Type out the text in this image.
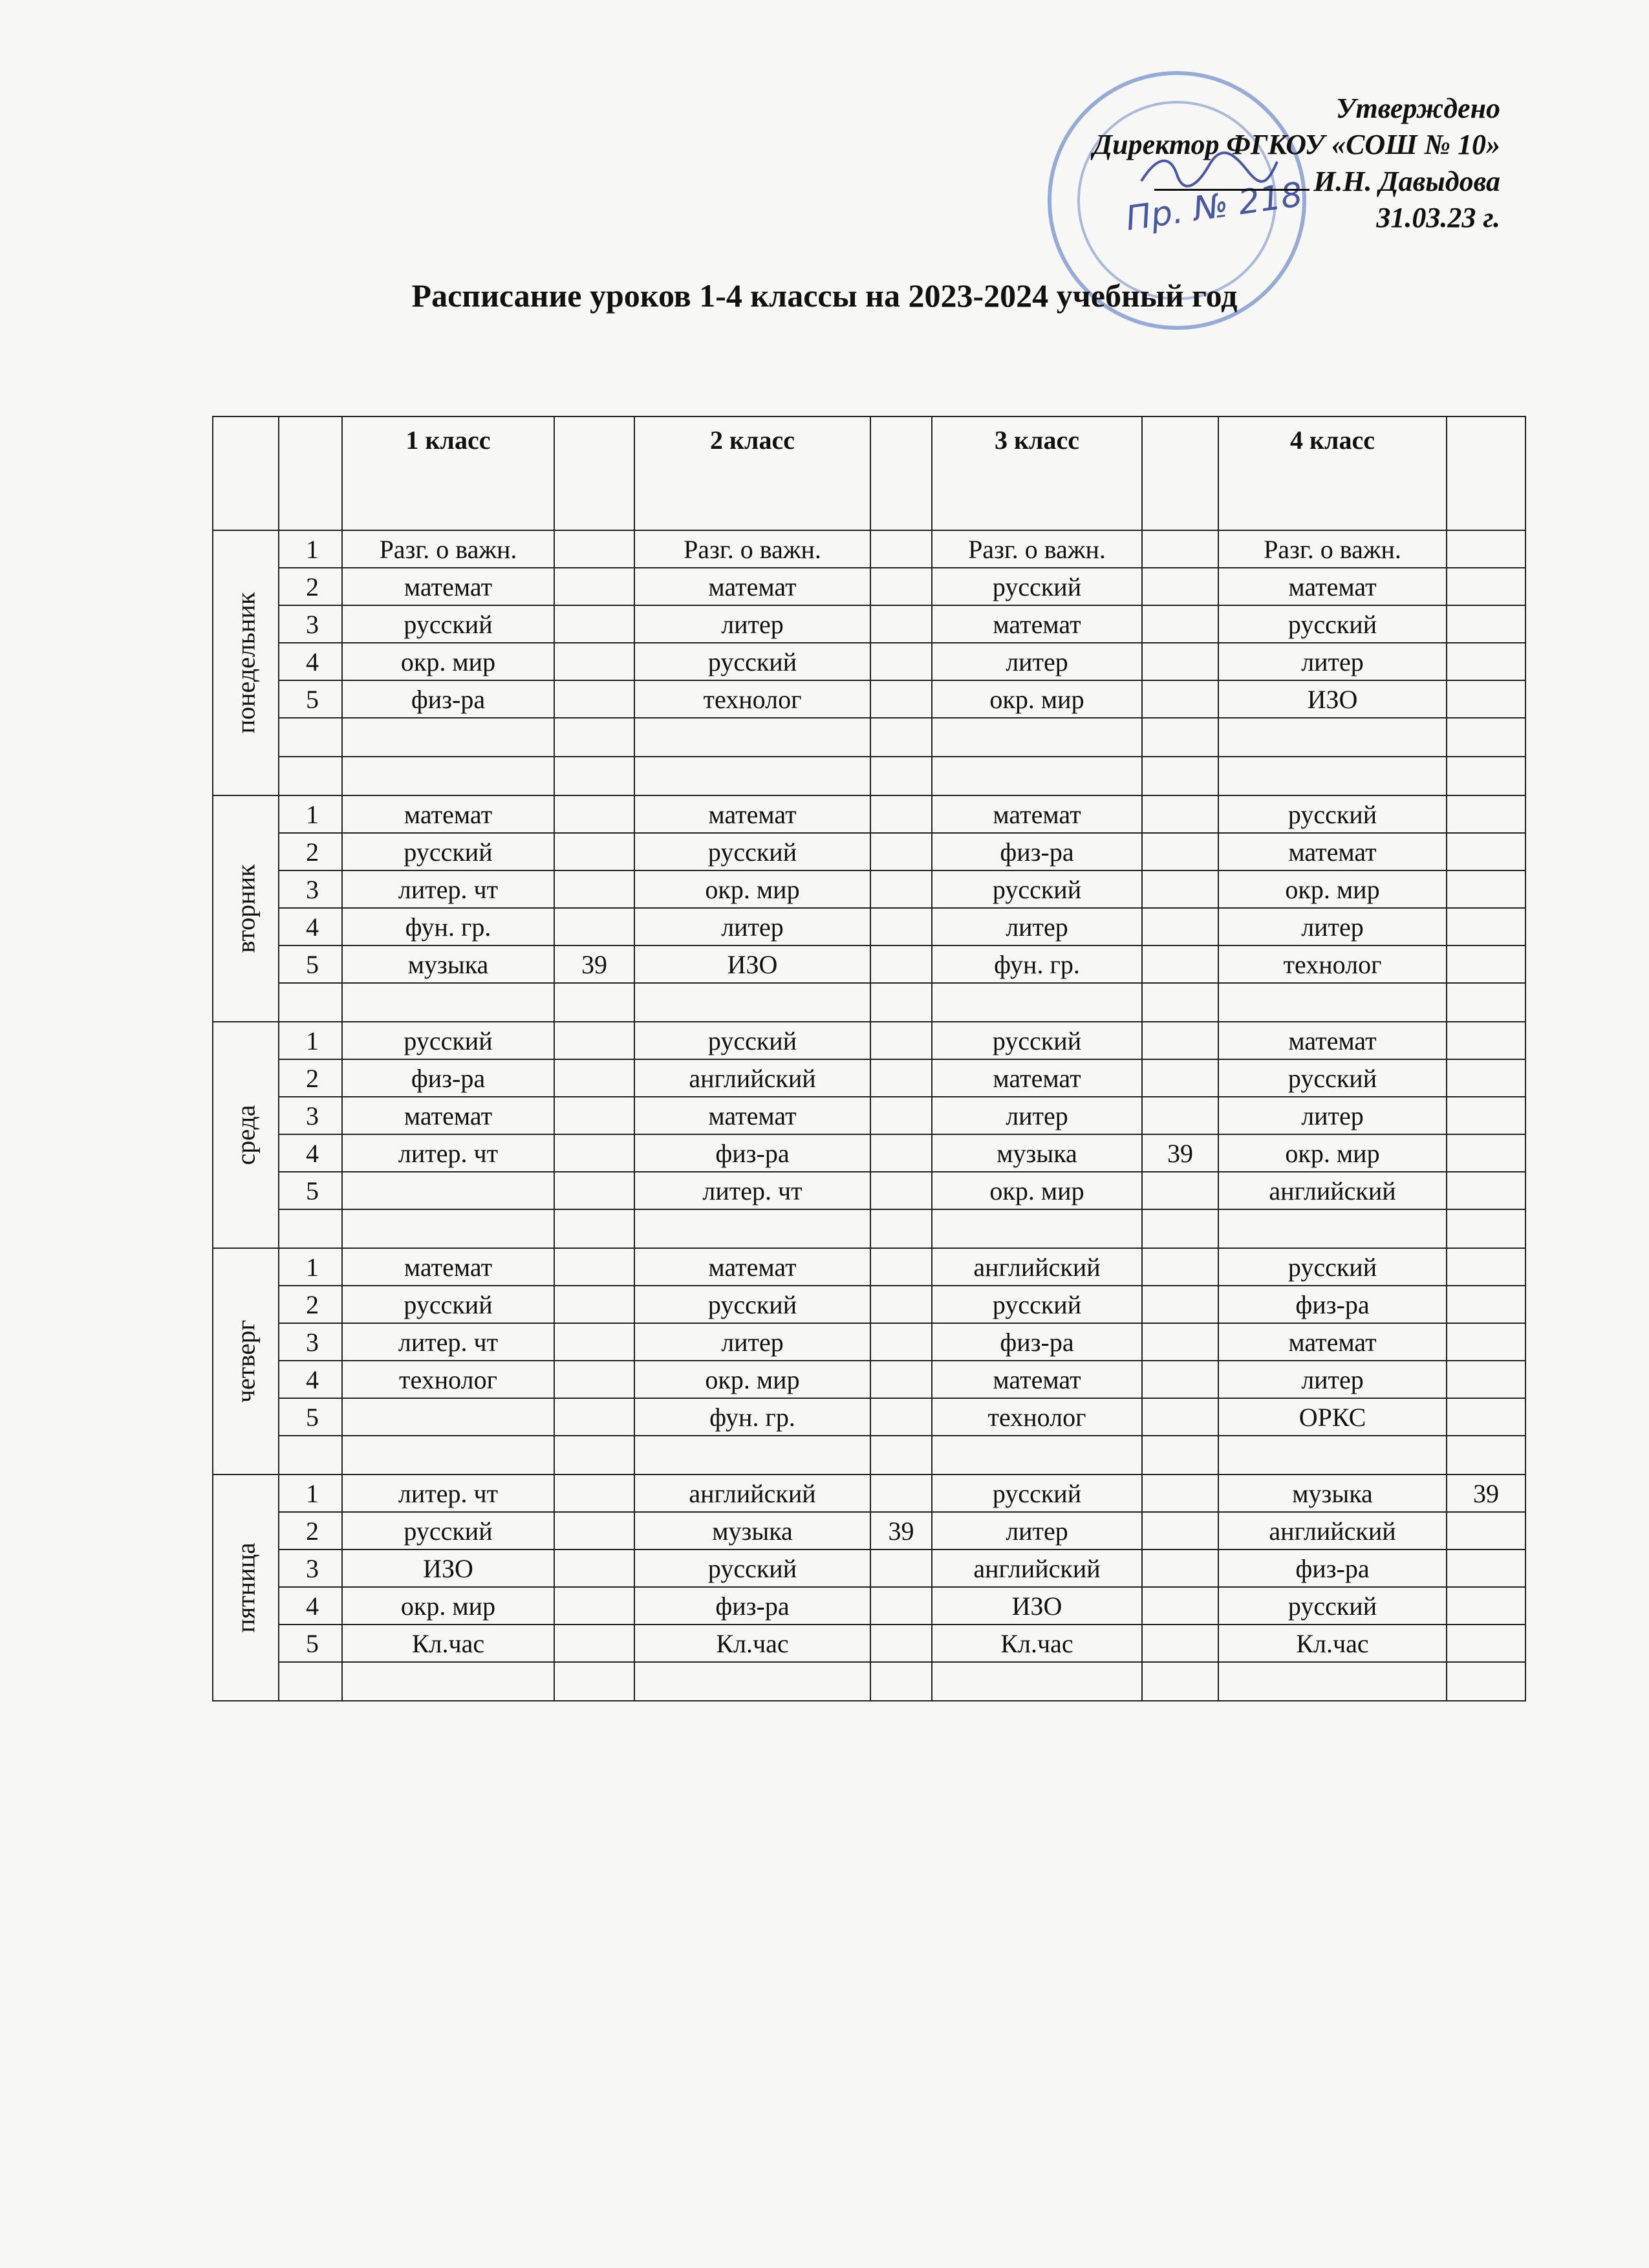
Пр. № 218
Утверждено
Директор ФГКОУ «СОШ № 10»
И.Н. Давыдова
31.03.23 г.
Расписание уроков 1-4 классы на 2023-2024 учебный год
		1 класс		2 класс		3 класс		4 класс	

понедельник	1	Разг. о важн.		Разг. о важн.		Разг. о важн.		Разг. о важн.	
	2	математ		математ		русский		математ	
	3	русский		литер		математ		русский	
	4	окр. мир		русский		литер		литер	
	5	физ-ра		технолог		окр. мир		ИЗО	

вторник	1	математ		математ		математ		русский	
	2	русский		русский		физ-ра		математ	
	3	литер. чт		окр. мир		русский		окр. мир	
	4	фун. гр.		литер		литер		литер	
	5	музыка	39	ИЗО		фун. гр.		технолог	

среда	1	русский		русский		русский		математ	
	2	физ-ра		английский		математ		русский	
	3	математ		математ		литер		литер	
	4	литер. чт		физ-ра		музыка	39	окр. мир	
	5			литер. чт		окр. мир		английский	

четверг	1	математ		математ		английский		русский	
	2	русский		русский		русский		физ-ра	
	3	литер. чт		литер		физ-ра		математ	
	4	технолог		окр. мир		математ		литер	
	5			фун. гр.		технолог		ОРКС	

пятница	1	литер. чт		английский		русский		музыка	39
	2	русский		музыка	39	литер		английский	
	3	ИЗО		русский		английский		физ-ра	
	4	окр. мир		физ-ра		ИЗО		русский	
	5	Кл.час		Кл.час		Кл.час		Кл.час	
